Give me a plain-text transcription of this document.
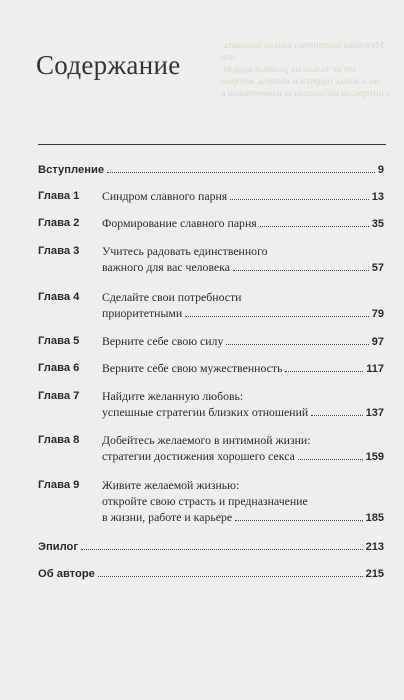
Мужчины постепенно начали понимать, что
это не только их ролевые модели,
но и жены, подруги и коллеги, которые
с интересом наблюдали за изменениями в
Содержание
Вступление	9
Глава 1 Синдром славного парня	13
Глава 2 Формирование славного парня	35
Глава 3 Учитесь радовать единственного
важного для вас человека	57
Глава 4 Сделайте свои потребности
приоритетными	79
Глава 5 Верните себе свою силу	97
Глава 6 Верните себе свою мужественность	117
Глава 7 Найдите желанную любовь:
успешные стратегии близких отношений	137
Глава 8 Добейтесь желаемого в интимной жизни:
стратегии достижения хорошего секса	159
Глава 9 Живите желаемой жизнью:
откройте свою страсть и предназначение
в жизни, работе и карьере	185
Эпилог	213
Об авторе	215
